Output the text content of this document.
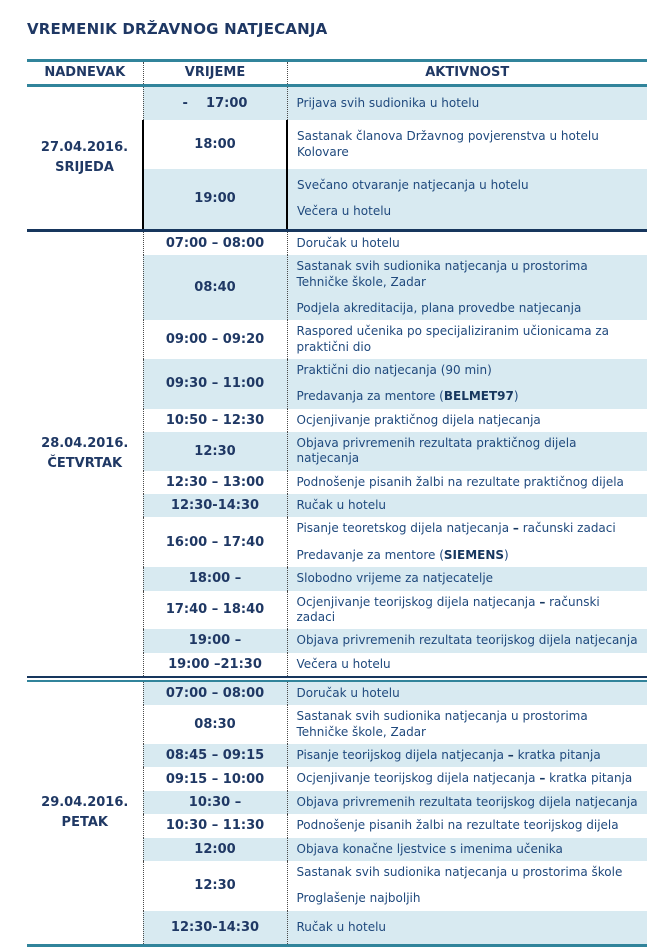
VREMENIK DRŽAVNOG NATJECANJA
NADNEVAK	VRIJEME	AKTIVNOST

27.04.2016.
SRIJEDA	-    17:00	Prijava svih sudionika u hotelu

	18:00	Sastanak članova Državnog povjerenstva u hotelu Kolovare

	19:00	Svečano otvaranje natjecanja u hotelu

Večera u hotelu

28.04.2016.
ČETVRTAK	07:00 – 08:00	Doručak u hotelu

	08:40	Sastanak svih sudionika natjecanja u prostorima Tehničke škole, Zadar

Podjela akreditacija, plana provedbe natjecanja

	09:00 – 09:20	Raspored učenika po specijaliziranim učionicama za praktični dio

	09:30 – 11:00	Praktični dio natjecanja (90 min)

Predavanja za mentore (BELMET97)

	10:50 – 12:30	Ocjenjivanje praktičnog dijela natjecanja

	12:30	Objava privremenih rezultata praktičnog dijela natjecanja

	12:30 – 13:00	Podnošenje pisanih žalbi na rezultate praktičnog dijela

	12:30-14:30	Ručak u hotelu

	16:00 – 17:40	Pisanje teoretskog dijela natjecanja – računski zadaci

Predavanje za mentore (SIEMENS)

	18:00 –	Slobodno vrijeme za natjecatelje

	17:40 – 18:40	Ocjenjivanje teorijskog dijela natjecanja – računski zadaci

	19:00 –	Objava privremenih rezultata teorijskog dijela natjecanja

	19:00 –21:30	Večera u hotelu

29.04.2016.
PETAK	07:00 – 08:00	Doručak u hotelu

	08:30	Sastanak svih sudionika natjecanja u prostorima Tehničke škole, Zadar

	08:45 – 09:15	Pisanje teorijskog dijela natjecanja – kratka pitanja

	09:15 – 10:00	Ocjenjivanje teorijskog dijela natjecanja – kratka pitanja

	10:30 –	Objava privremenih rezultata teorijskog dijela natjecanja

	10:30 – 11:30	Podnošenje pisanih žalbi na rezultate teorijskog dijela

	12:00	Objava konačne ljestvice s imenima učenika

	12:30	Sastanak svih sudionika natjecanja u prostorima škole

Proglašenje najboljih

	12:30-14:30	Ručak u hotelu
